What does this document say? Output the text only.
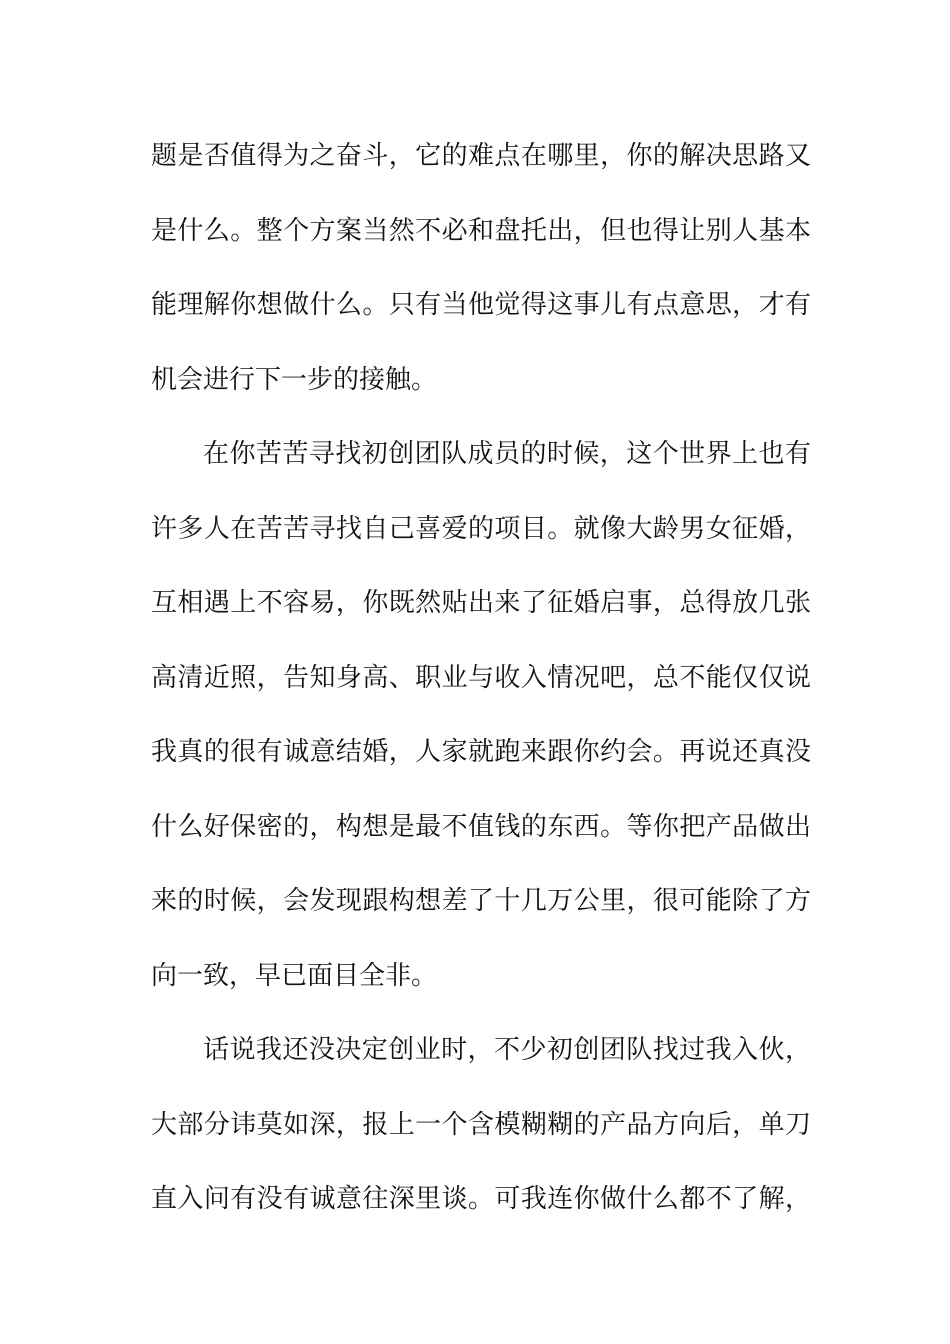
题是否值得为之奋斗，它的难点在哪里，你的解决思路又
是什么。整个方案当然不必和盘托出，但也得让别人基本
能理解你想做什么。只有当他觉得这事儿有点意思，才有
机会进行下一步的接触。
在你苦苦寻找初创团队成员的时候，这个世界上也有
许多人在苦苦寻找自己喜爱的项目。就像大龄男女征婚，
互相遇上不容易，你既然贴出来了征婚启事，总得放几张
高清近照，告知身高、职业与收入情况吧，总不能仅仅说
我真的很有诚意结婚，人家就跑来跟你约会。再说还真没
什么好保密的，构想是最不值钱的东西。等你把产品做出
来的时候，会发现跟构想差了十几万公里，很可能除了方
向一致，早已面目全非。
话说我还没决定创业时，不少初创团队找过我入伙，
大部分讳莫如深，报上一个含模糊糊的产品方向后，单刀
直入问有没有诚意往深里谈。可我连你做什么都不了解，
